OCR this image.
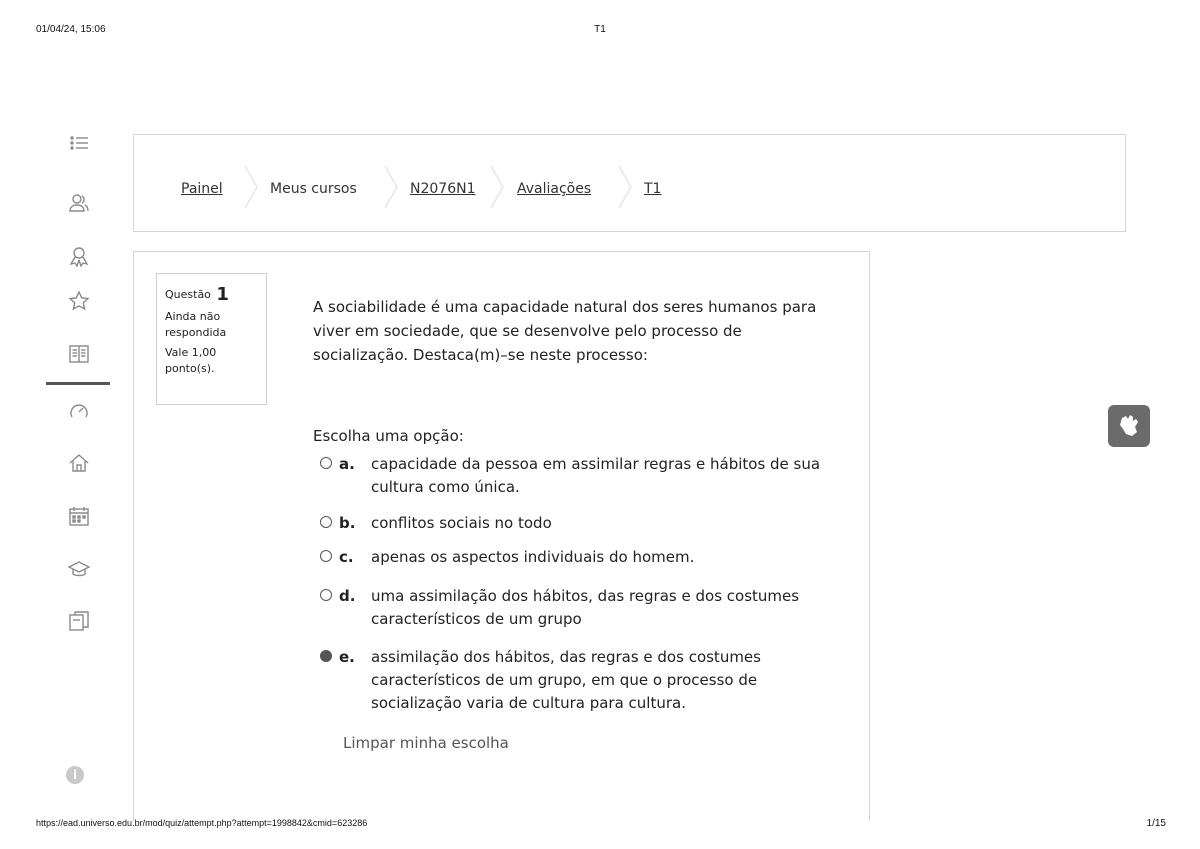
01/04/24, 15:06	T1
https://ead.universo.edu.br/mod/quiz/attempt.php?attempt=1998842&cmid=623286	1/15
i
Painel	Meus cursos	N2076N1	Avaliações	T1
Questão 1
Ainda não respondida
Vale 1,00 ponto(s).
A sociabilidade é uma capacidade natural dos seres humanos para viver em sociedade, que se desenvolve pelo processo de socialização. Destaca(m)–se neste processo:
Escolha uma opção:
a. capacidade da pessoa em assimilar regras e hábitos de sua cultura como única.
b. conflitos sociais no todo
c. apenas os aspectos individuais do homem.
d. uma assimilação dos hábitos, das regras e dos costumes característicos de um grupo
e. assimilação dos hábitos, das regras e dos costumes característicos de um grupo, em que o processo de socialização varia de cultura para cultura.
Limpar minha escolha
